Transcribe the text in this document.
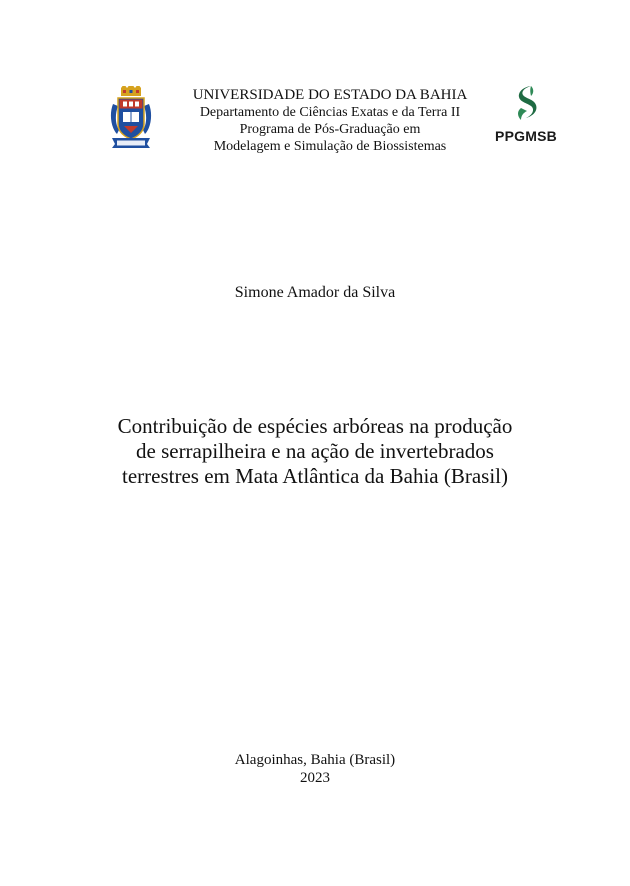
UNIVERSIDADE DO ESTADO DA BAHIA
Departamento de Ciências Exatas e da Terra II
Programa de Pós-Graduação em
Modelagem e Simulação de Biossistemas
PPGMSB
Simone Amador da Silva
Contribuição de espécies arbóreas na produção
de serrapilheira e na ação de invertebrados
terrestres em Mata Atlântica da Bahia (Brasil)
Alagoinhas, Bahia (Brasil)
2023
